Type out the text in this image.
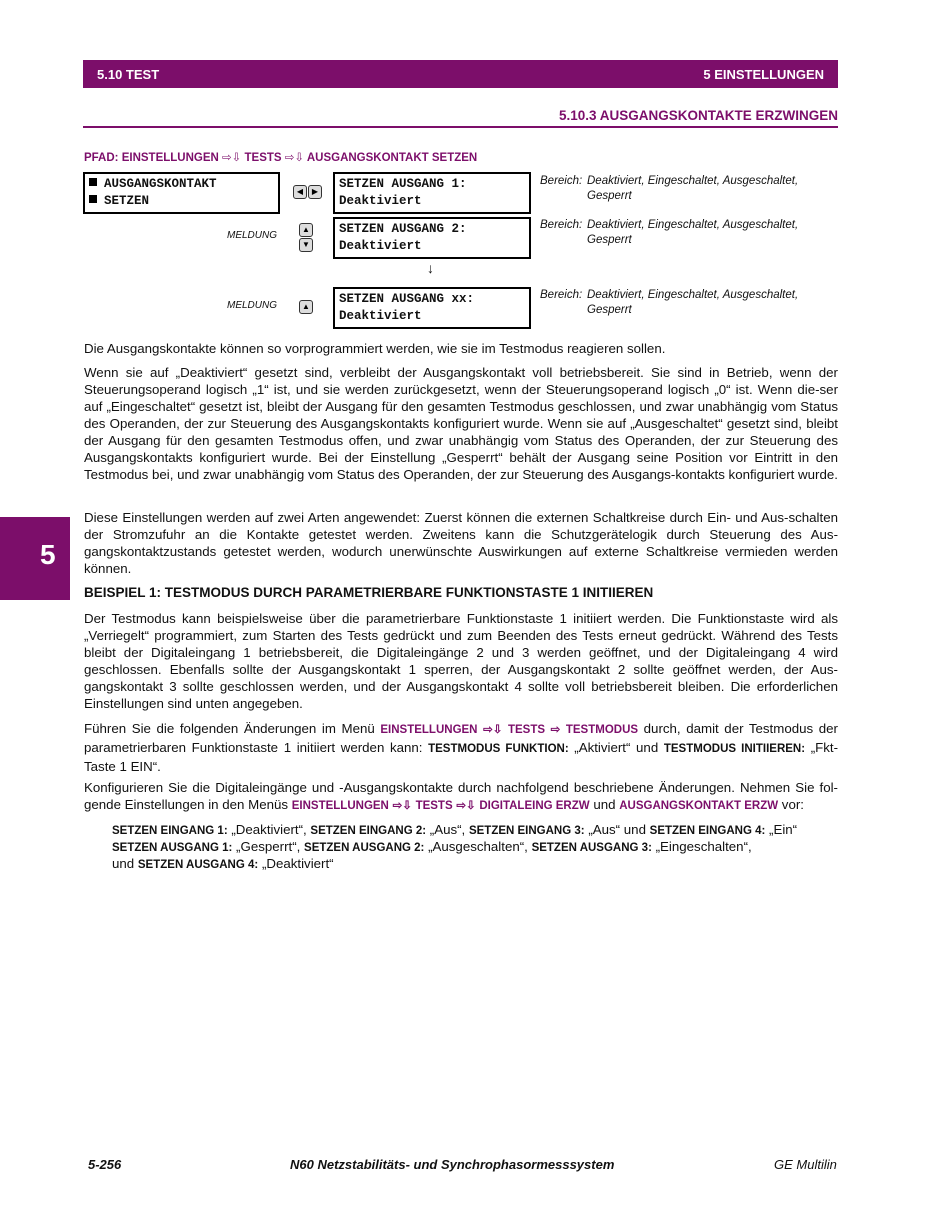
5.10 TEST	5 EINSTELLUNGEN
5.10.3 AUSGANGSKONTAKTE ERZWINGEN
PFAD: EINSTELLUNGEN ⇨⇩ TESTS ⇨⇩ AUSGANGSKONTAKT SETZEN
AUSGANGSKONTAKT
SETZEN
◀	▶
SETZEN AUSGANG 1:
Deaktiviert
Bereich: Deaktiviert, Eingeschaltet, Ausgeschaltet, Gesperrt
MELDUNG
▲
▼
SETZEN AUSGANG 2:
Deaktiviert
Bereich: Deaktiviert, Eingeschaltet, Ausgeschaltet, Gesperrt
↓
MELDUNG	▲
SETZEN AUSGANG xx:
Deaktiviert
Bereich: Deaktiviert, Eingeschaltet, Ausgeschaltet, Gesperrt
Die Ausgangskontakte können so vorprogrammiert werden, wie sie im Testmodus reagieren sollen.
Wenn sie auf „Deaktiviert“ gesetzt sind, verbleibt der Ausgangskontakt voll betriebsbereit. Sie sind in Betrieb, wenn der Steuerungsoperand logisch „1“ ist, und sie werden zurückgesetzt, wenn der Steuerungsoperand logisch „0“ ist. Wenn die-ser auf „Eingeschaltet“ gesetzt ist, bleibt der Ausgang für den gesamten Testmodus geschlossen, und zwar unabhängig vom Status des Operanden, der zur Steuerung des Ausgangskontakts konfiguriert wurde. Wenn sie auf „Ausgeschaltet“ gesetzt sind, bleibt der Ausgang für den gesamten Testmodus offen, und zwar unabhängig vom Status des Operanden, der zur Steuerung des Ausgangskontakts konfiguriert wurde. Bei der Einstellung „Gesperrt“ behält der Ausgang seine Position vor Eintritt in den Testmodus bei, und zwar unabhängig vom Status des Operanden, der zur Steuerung des Ausgangs-kontakts konfiguriert wurde.
Diese Einstellungen werden auf zwei Arten angewendet: Zuerst können die externen Schaltkreise durch Ein- und Aus-schalten der Stromzufuhr an die Kontakte getestet werden. Zweitens kann die Schutzgerätelogik durch Steuerung des Aus-gangskontaktzustands getestet werden, wodurch unerwünschte Auswirkungen auf externe Schaltkreise vermieden werden können.
BEISPIEL 1: TESTMODUS DURCH PARAMETRIERBARE FUNKTIONSTASTE 1 INITIIEREN
Der Testmodus kann beispielsweise über die parametrierbare Funktionstaste 1 initiiert werden. Die Funktionstaste wird als „Verriegelt“ programmiert, zum Starten des Tests gedrückt und zum Beenden des Tests erneut gedrückt. Während des Tests bleibt der Digitaleingang 1 betriebsbereit, die Digitaleingänge 2 und 3 werden geöffnet, und der Digitaleingang 4 wird geschlossen. Ebenfalls sollte der Ausgangskontakt 1 sperren, der Ausgangskontakt 2 sollte geöffnet werden, der Aus-gangskontakt 3 sollte geschlossen werden, und der Ausgangskontakt 4 sollte voll betriebsbereit bleiben. Die erforderlichen Einstellungen sind unten angegeben.
Führen Sie die folgenden Änderungen im Menü EINSTELLUNGEN ⇨⇩ TESTS ⇨ TESTMODUS durch, damit der Testmodus der parametrierbaren Funktionstaste 1 initiiert werden kann: TESTMODUS FUNKTION: „Aktiviert“ und TESTMODUS INITIIEREN: „Fkt-Taste 1 EIN“.
Konfigurieren Sie die Digitaleingänge und -Ausgangskontakte durch nachfolgend beschriebene Änderungen. Nehmen Sie fol-gende Einstellungen in den Menüs EINSTELLUNGEN ⇨⇩ TESTS ⇨⇩ DIGITALEING ERZW und AUSGANGSKONTAKT ERZW vor:
SETZEN EINGANG 1: „Deaktiviert“, SETZEN EINGANG 2: „Aus“, SETZEN EINGANG 3: „Aus“ und SETZEN EINGANG 4: „Ein“
SETZEN AUSGANG 1: „Gesperrt“, SETZEN AUSGANG 2: „Ausgeschalten“, SETZEN AUSGANG 3: „Eingeschalten“,
und SETZEN AUSGANG 4: „Deaktiviert“
5
5-256	N60 Netzstabilitäts- und Synchrophasormesssystem	GE Multilin
